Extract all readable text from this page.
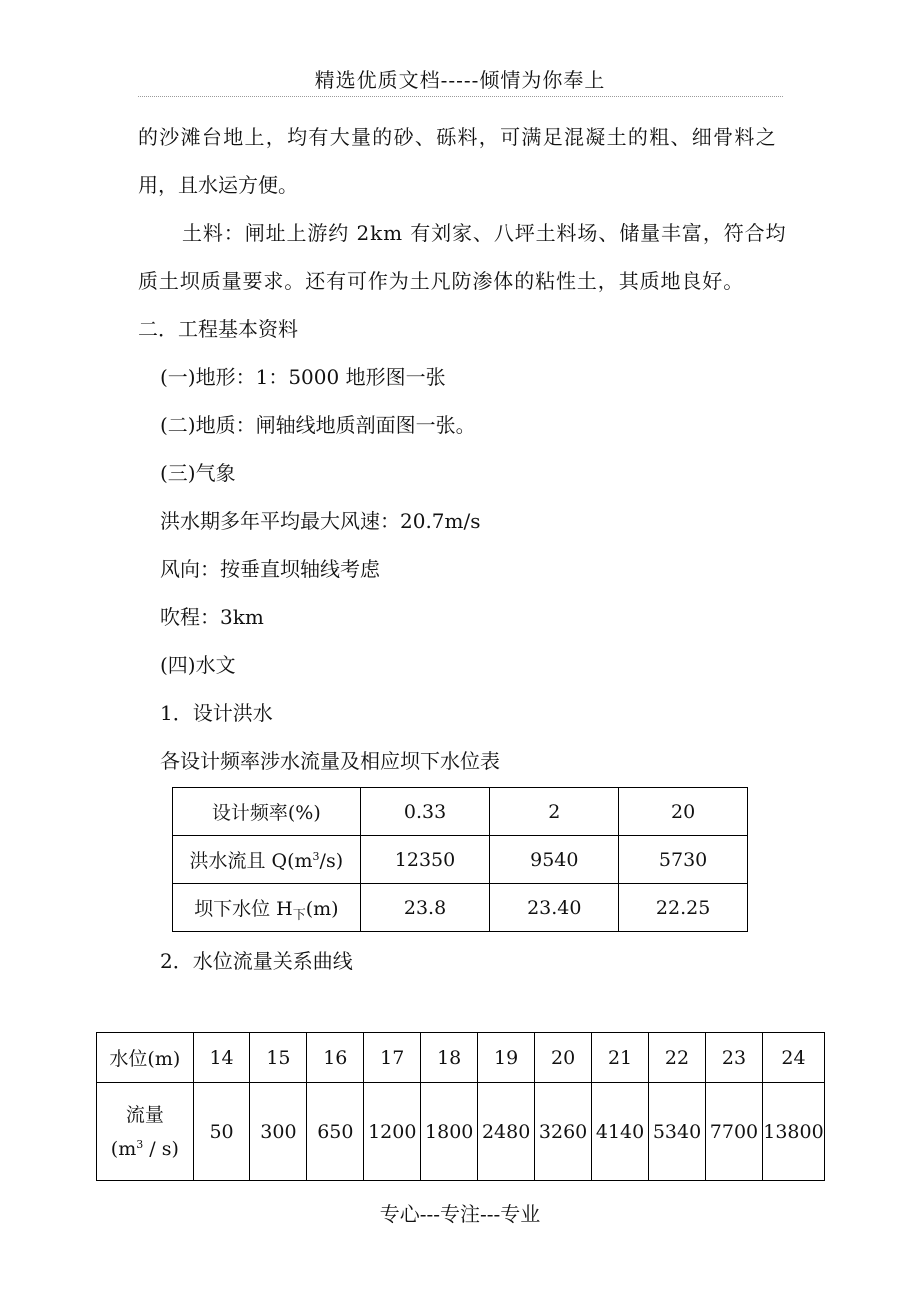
精选优质文档-----倾情为你奉上
的沙滩台地上，均有大量的砂、砾料，可满足混凝土的粗、细骨料之
用，且水运方便。
土料：闸址上游约 2km 有刘家、八坪土料场、储量丰富，符合均
质土坝质量要求。还有可作为土凡防渗体的粘性土，其质地良好。
二．工程基本资料
(一)地形：1：5000 地形图一张
(二)地质：闸轴线地质剖面图一张。
(三)气象
洪水期多年平均最大风速：20.7m/s
风向：按垂直坝轴线考虑
吹程：3km
(四)水文
1．设计洪水
各设计频率涉水流量及相应坝下水位表
设计频率(%)	0.33	2	20
洪水流且 $Q(m^3/s)$	12350	9540	5730
坝下水位 $H_下(m)$	23.8	23.40	22.25
2．水位流量关系曲线
水位(m)	14	15	16	17	18	19	20	21	22	23	24

流量
$(m^3 / s)$	50	300	650	1200	1800	2480	3260	4140	5340	7700	13800
专心---专注---专业
